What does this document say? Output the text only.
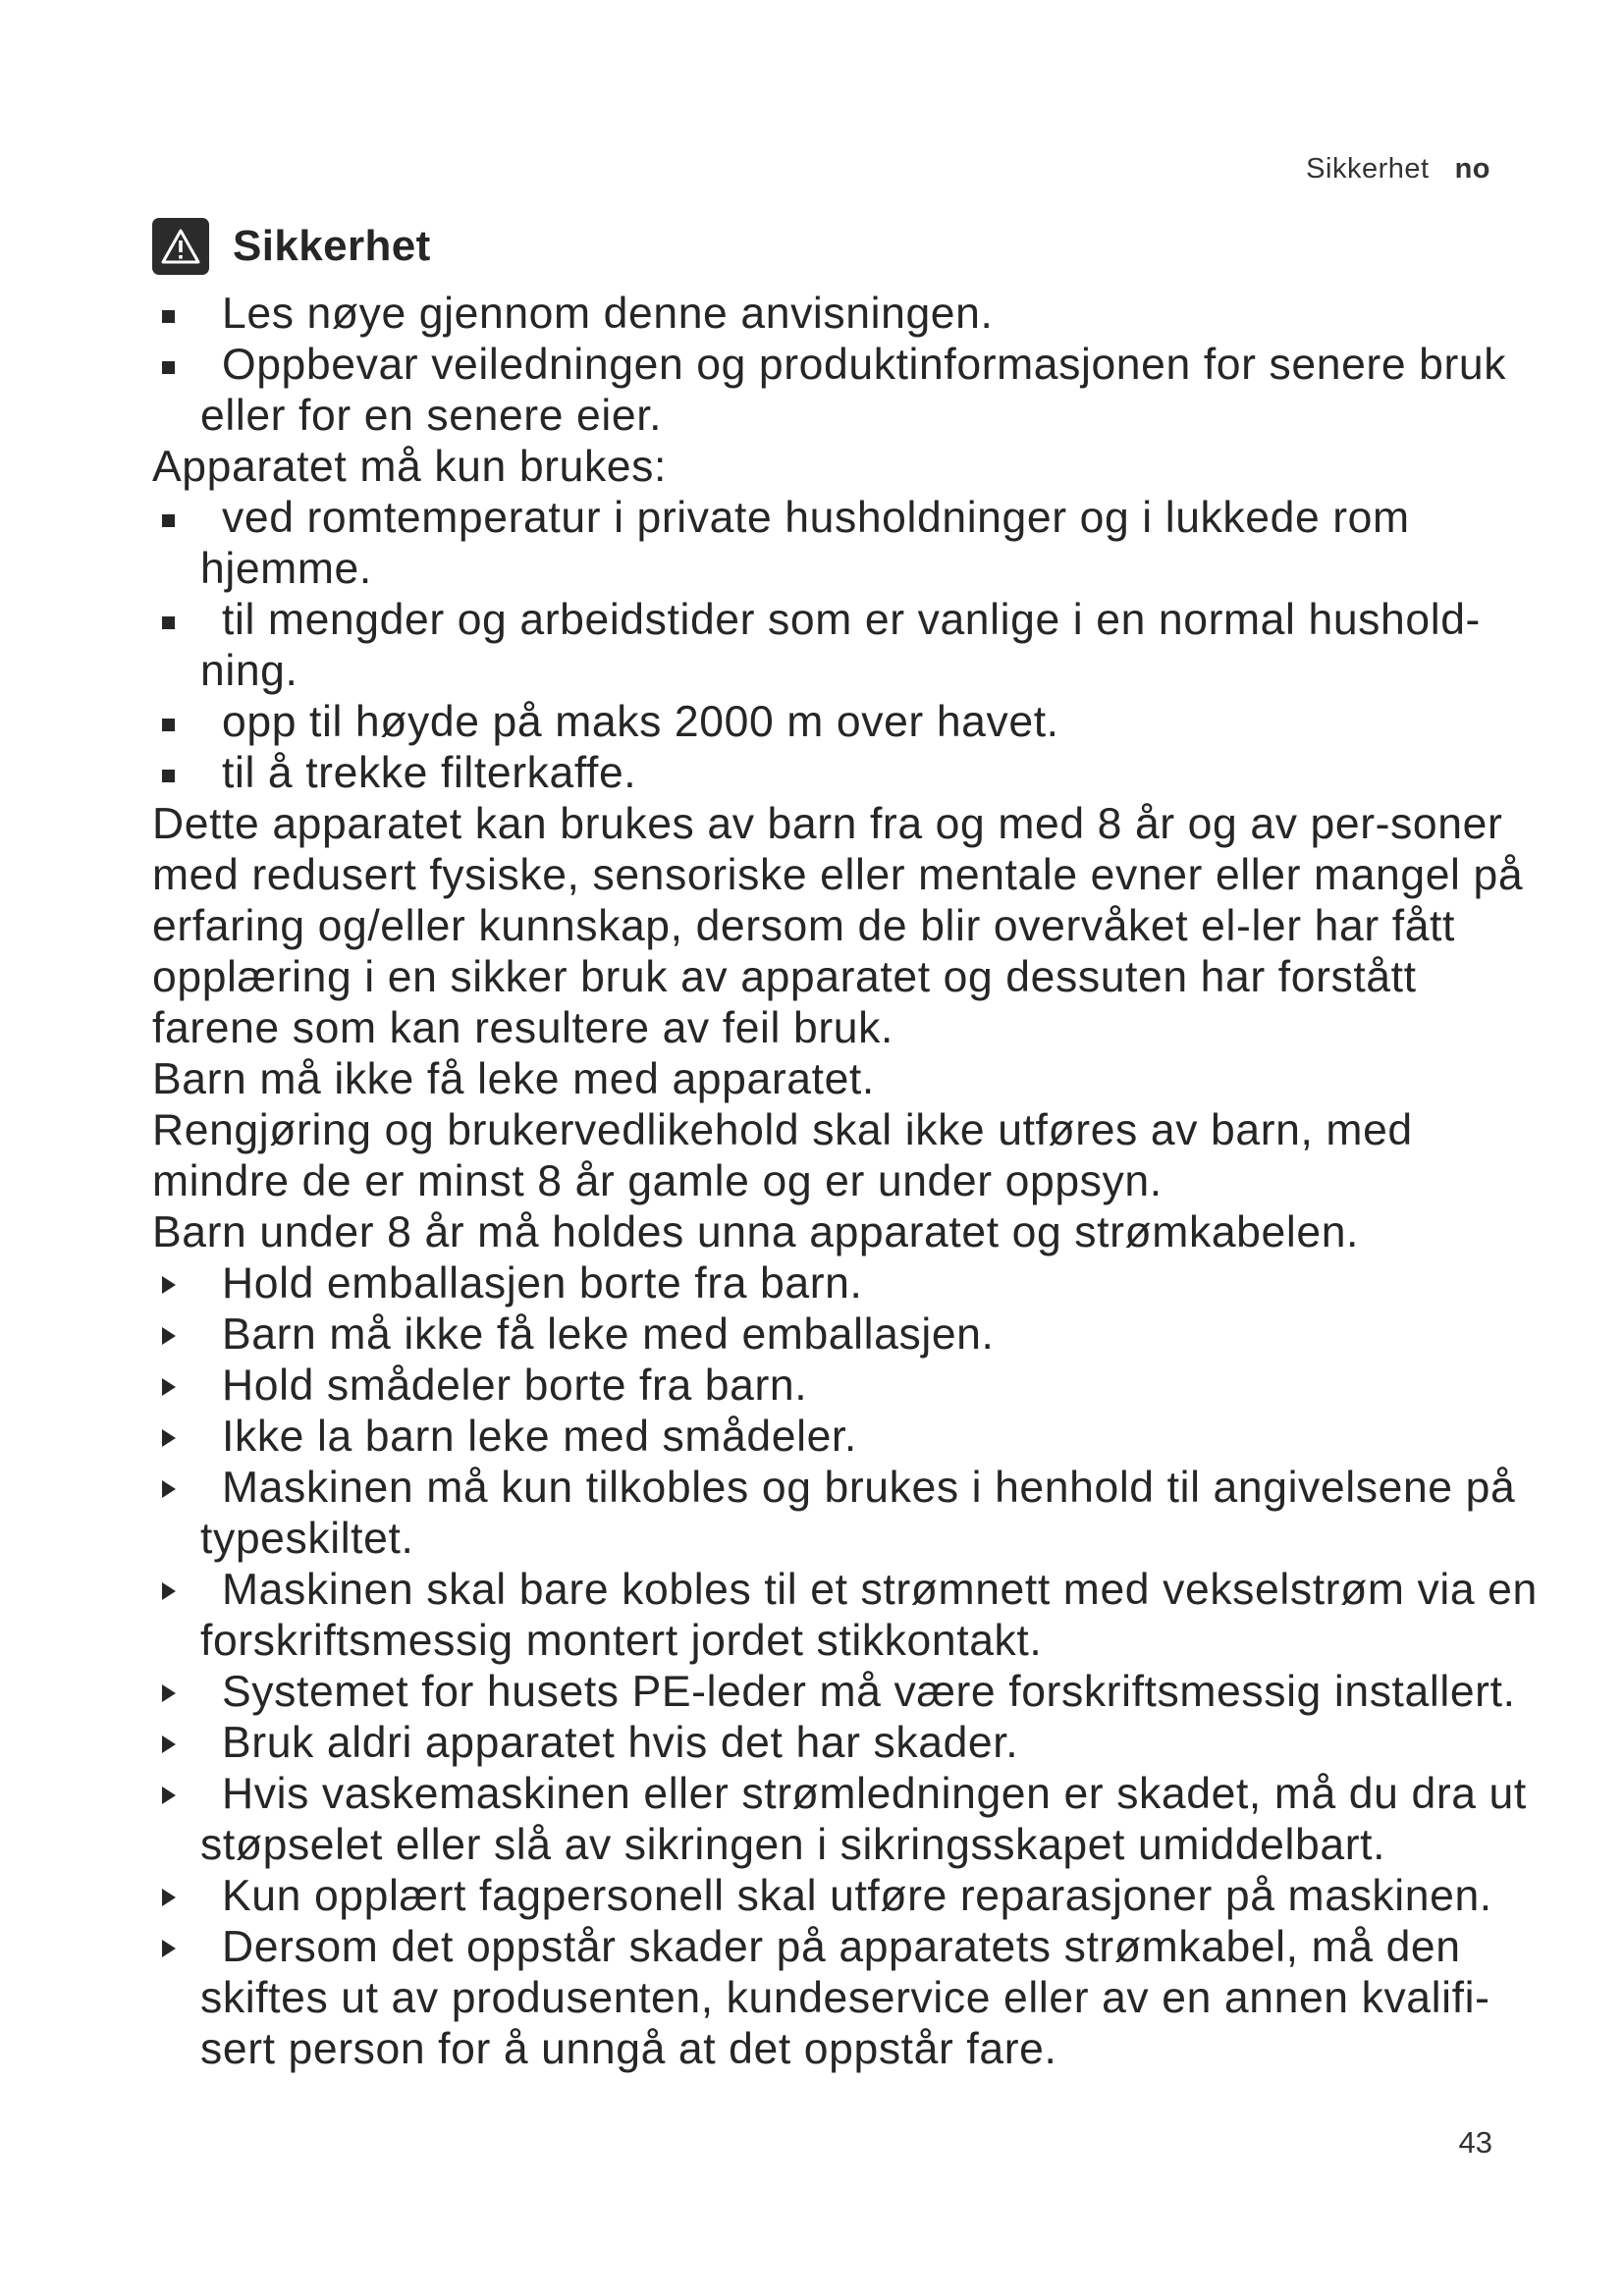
Sikkerhet no
Sikkerhet
Les nøye gjennom denne anvisningen.
Oppbevar veiledningen og produktinformasjonen for senere bruk eller for en senere eier.

Apparatet må kun brukes:

ved romtemperatur i private husholdninger og i lukkede rom hjemme.
til mengder og arbeidstider som er vanlige i en normal hushold-ning.
opp til høyde på maks 2000 m over havet.
til å trekke filterkaffe.

Dette apparatet kan brukes av barn fra og med 8 år og av per-soner med redusert fysiske, sensoriske eller mentale evner eller mangel på erfaring og/eller kunnskap, dersom de blir overvåket el-ler har fått opplæring i en sikker bruk av apparatet og dessuten har forstått farene som kan resultere av feil bruk.

Barn må ikke få leke med apparatet.

Rengjøring og brukervedlikehold skal ikke utføres av barn, med mindre de er minst 8 år gamle og er under oppsyn.

Barn under 8 år må holdes unna apparatet og strømkabelen.

Hold emballasjen borte fra barn.
Barn må ikke få leke med emballasjen.
Hold smådeler borte fra barn.
Ikke la barn leke med smådeler.
Maskinen må kun tilkobles og brukes i henhold til angivelsene på typeskiltet.
Maskinen skal bare kobles til et strømnett med vekselstrøm via en forskriftsmessig montert jordet stikkontakt.
Systemet for husets PE-leder må være forskriftsmessig installert.
Bruk aldri apparatet hvis det har skader.
Hvis vaskemaskinen eller strømledningen er skadet, må du dra ut støpselet eller slå av sikringen i sikringsskapet umiddelbart.
Kun opplært fagpersonell skal utføre reparasjoner på maskinen.
Dersom det oppstår skader på apparatets strømkabel, må den skiftes ut av produsenten, kundeservice eller av en annen kvalifi-sert person for å unngå at det oppstår fare.
43
